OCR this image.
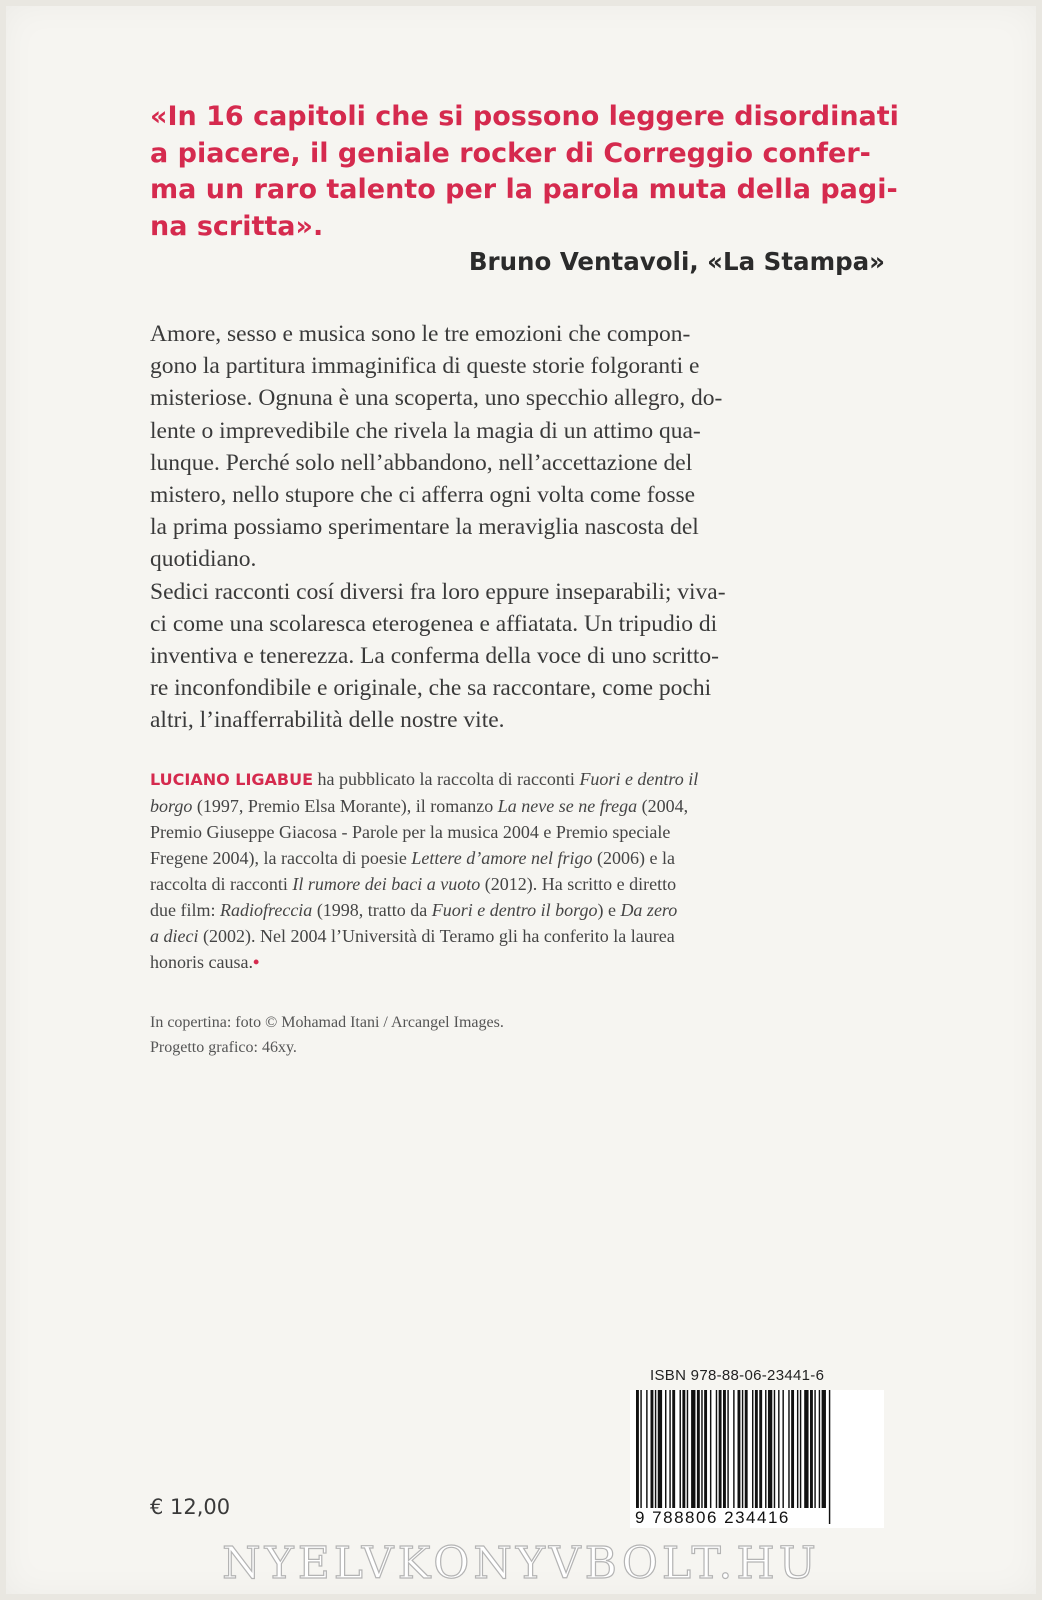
«In 16 capitoli che si possono leggere disordinati
a piacere, il geniale rocker di Correggio confer-
ma un raro talento per la parola muta della pagi-
na scritta».
Bruno Ventavoli, «La Stampa»
Amore, sesso e musica sono le tre emozioni che compon-
gono la partitura immaginifica di queste storie folgoranti e
misteriose. Ognuna è una scoperta, uno specchio allegro, do-
lente o imprevedibile che rivela la magia di un attimo qua-
lunque. Perché solo nell’abbandono, nell’accettazione del
mistero, nello stupore che ci afferra ogni volta come fosse
la prima possiamo sperimentare la meraviglia nascosta del
quotidiano.
Sedici racconti cosí diversi fra loro eppure inseparabili; viva-
ci come una scolaresca eterogenea e affiatata. Un tripudio di
inventiva e tenerezza. La conferma della voce di uno scritto-
re inconfondibile e originale, che sa raccontare, come pochi
altri, l’inafferrabilità delle nostre vite.
LUCIANO LIGABUE ha pubblicato la raccolta di racconti Fuori e dentro il
borgo (1997, Premio Elsa Morante), il romanzo La neve se ne frega (2004,
Premio Giuseppe Giacosa - Parole per la musica 2004 e Premio speciale
Fregene 2004), la raccolta di poesie Lettere d’amore nel frigo (2006) e la
raccolta di racconti Il rumore dei baci a vuoto (2012). Ha scritto e diretto
due film: Radiofreccia (1998, tratto da Fuori e dentro il borgo) e Da zero
a dieci (2002). Nel 2004 l’Università di Teramo gli ha conferito la laurea
honoris causa.•
In copertina: foto © Mohamad Itani / Arcangel Images.
Progetto grafico: 46xy.
€ 12,00
ISBN 978-88-06-23441-6
9 788806 234416
NYELVKONYVBOLT.HU
